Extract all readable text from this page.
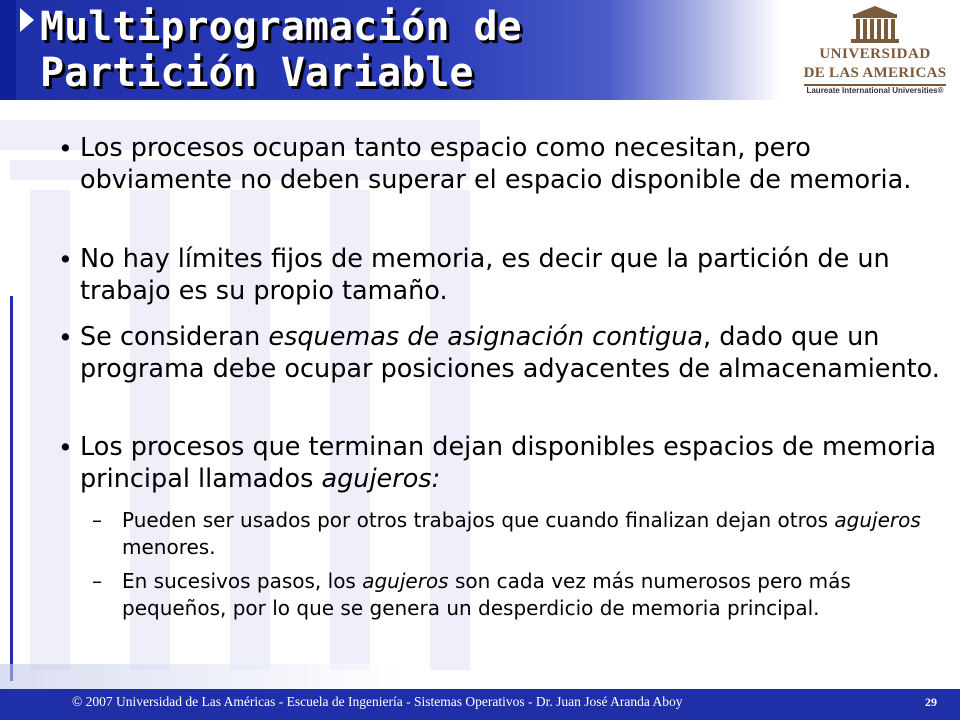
Multiprogramación de
Partición Variable	UNIVERSIDAD
DE LAS AMERICAS
Laureate International Universities®
• Los procesos ocupan tanto espacio como necesitan, pero obviamente no deben superar el espacio disponible de memoria.
• No hay límites fijos de memoria, es decir que la partición de un trabajo es su propio tamaño.
• Se consideran esquemas de asignación contigua, dado que un programa debe ocupar posiciones adyacentes de almacenamiento.
• Los procesos que terminan dejan disponibles espacios de memoria principal llamados agujeros:
– Pueden ser usados por otros trabajos que cuando finalizan dejan otros agujeros menores.
– En sucesivos pasos, los agujeros son cada vez más numerosos pero más pequeños, por lo que se genera un desperdicio de memoria principal.
© 2007 Universidad de Las Américas - Escuela de Ingeniería - Sistemas Operativos - Dr. Juan José Aranda Aboy	29
